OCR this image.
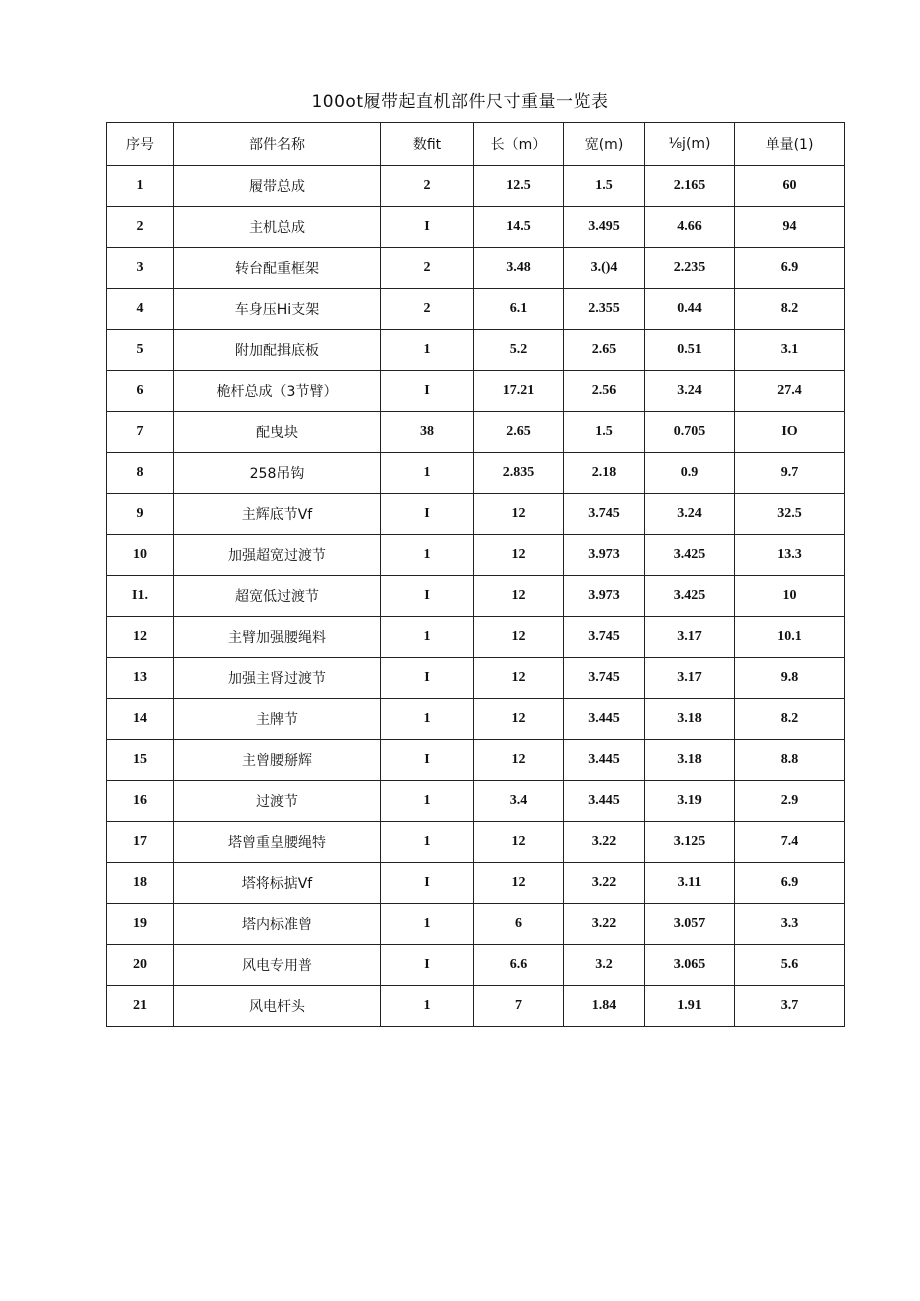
100ot履带起直机部件尺寸重量一览表
序号	部件名称	数fit	长（m）	宽(m)	⅛j(m)	单量(1)
1	履带总成	2	12.5	1.5	2.165	60
2	主机总成	I	14.5	3.495	4.66	94
3	转台配重框架	2	3.48	3.()4	2.235	6.9
4	车身压Hi支架	2	6.1	2.355	0.44	8.2
5	附加配揖底板	1	5.2	2.65	0.51	3.1
6	桅杆总成（3节臂）	I	17.21	2.56	3.24	27.4
7	配曳块	38	2.65	1.5	0.705	IO
8	258吊钩	1	2.835	2.18	0.9	9.7
9	主辉底节Vf	I	12	3.745	3.24	32.5
10	加强超宽过渡节	1	12	3.973	3.425	13.3
I1.	超宽低过渡节	I	12	3.973	3.425	10
12	主臂加强腰绳料	1	12	3.745	3.17	10.1
13	加强主肾过渡节	I	12	3.745	3.17	9.8
14	主牌节	1	12	3.445	3.18	8.2
15	主曾腰掰辉	I	12	3.445	3.18	8.8
16	过渡节	1	3.4	3.445	3.19	2.9
17	塔曾重皇腰绳特	1	12	3.22	3.125	7.4
18	塔将标掂Vf	I	12	3.22	3.11	6.9
19	塔内标准曾	1	6	3.22	3.057	3.3
20	风电专用普	I	6.6	3.2	3.065	5.6
21	风电杆头	1	7	1.84	1.91	3.7
